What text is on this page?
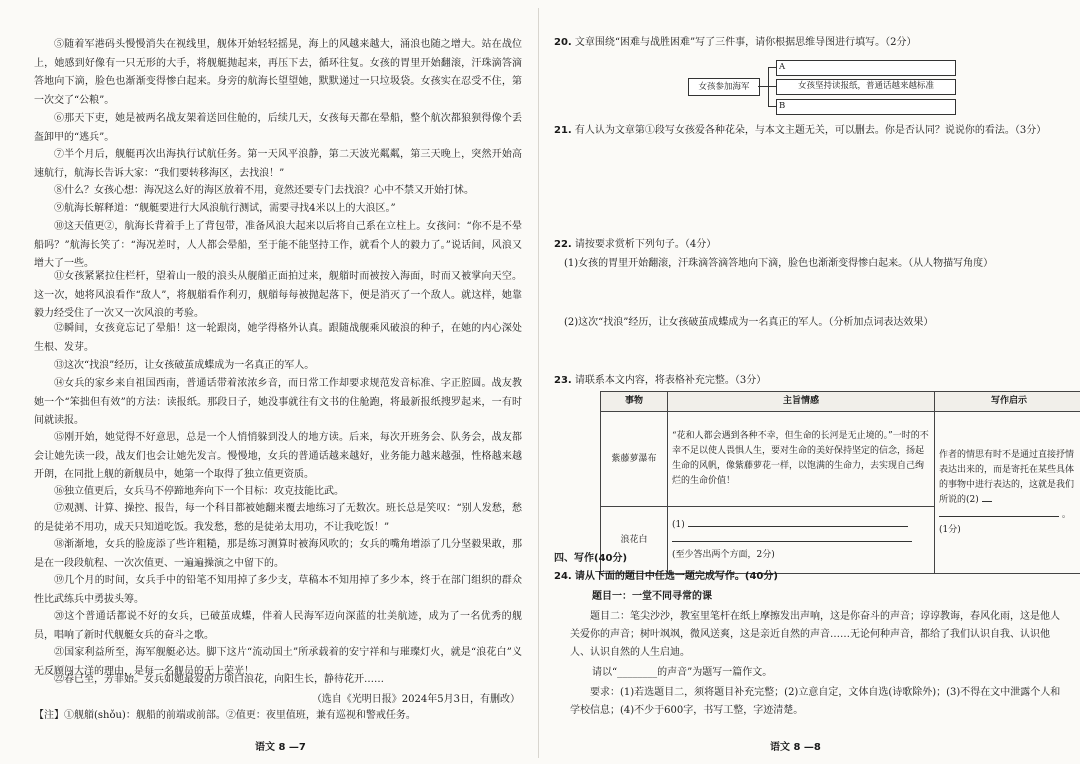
⑤随着军港码头慢慢消失在视线里，舰体开始轻轻摇晃，海上的风越来越大，涌浪也随之增大。站在战位上，她感到好像有一只无形的大手，将舰艇抛起来，再压下去，循环往复。女孩的胃里开始翻滚，汗珠滴答滴答地向下滴，脸色也渐渐变得惨白起来。身旁的航海长望望她，默默递过一只垃圾袋。女孩实在忍受不住，第一次交了“公粮”。

⑥那天下吏，她是被两名战友架着送回住舱的，后续几天，女孩每天都在晕船，整个航次都狼狈得像个丢盔卸甲的“逃兵”。

⑦半个月后，舰艇再次出海执行试航任务。第一天风平浪静，第二天波光粼粼，第三天晚上，突然开始高速航行，航海长告诉大家：“我们要转移海区，去找浪！”

⑧什么？女孩心想：海况这么好的海区放着不用，竟然还要专门去找浪？心中不禁又开始打怵。

⑨航海长解释道：“舰艇要进行大风浪航行测试，需要寻找4米以上的大浪区。”

⑩这天值更②，航海长背着手上了背包带，准备风浪大起来以后将自己系在立柱上。女孩问：“你不是不晕船吗？”航海长笑了：“海况差时，人人都会晕船，至于能不能坚持工作，就看个人的毅力了。”说话间，风浪又增大了一些。

⑪女孩紧紧拉住栏杆，望着山一般的浪头从舰艏正面拍过来，舰艏时而被按入海面，时而又被掌向天空。这一次，她将风浪看作“敌人”，将舰艏看作利刃，舰艏每每被抛起落下，便是消灭了一个敌人。就这样，她靠毅力经受住了一次又一次风浪的考验。

⑫瞬间，女孩竟忘记了晕船！这一轮跟岗，她学得格外认真。跟随战舰乘风破浪的种子，在她的内心深处生根、发芽。

⑬这次“找浪”经历，让女孩破茧成蝶成为一名真正的军人。

⑭女兵的家乡来自祖国西南，普通话带着浓浓乡音，而日常工作却要求规范发音标准、字正腔圆。战友教她一个“笨拙但有效”的方法：读报纸。那段日子，她没事就往有文书的住舱跑，将最新报纸搜罗起来，一有时间就读报。

⑮刚开始，她觉得不好意思，总是一个人悄悄躲到没人的地方读。后来，每次开班务会、队务会，战友都会让她先读一段，战友们也会让她先发言。慢慢地，女兵的普通话越来越好，业务能力越来越强，性格越来越开朗，在同批上舰的新舰员中，她第一个取得了独立值更资质。

⑯独立值更后，女兵马不停蹄地奔向下一个目标：攻克技能比武。

⑰观测、计算、操控、报告，每一个科目都被她翻来覆去地练习了无数次。班长总是笑叹：“别人发愁，愁的是徒弟不用功，成天只知道吃饭。我发愁，愁的是徒弟太用功，不让我吃饭！”

⑱渐渐地，女兵的脸庞添了些许粗糙，那是练习测算时被海风吹的；女兵的嘴角增添了几分坚毅果敢，那是在一段段航程、一次次值更、一遍遍操演之中留下的。

⑲几个月的时间，女兵手中的铅笔不知用掉了多少支，草稿本不知用掉了多少本，终于在部门组织的群众性比武练兵中勇拔头筹。

⑳这个普通话都说不好的女兵，已破茧成蝶，伴着人民海军迈向深蓝的壮美航迹，成为了一名优秀的舰员，唱响了新时代舰艇女兵的奋斗之歌。

㉑国家利益所至，海军舰艇必达。脚下这片“流动国土”所承载着的安宁祥和与璀璨灯火，就是“浪花白”义无反顾闯大洋的理由，是每一名舰员的无上荣光！

㉒春已至，芳菲始。女兵如她最爱的万顷白浪花，向阳生长，静待花开……

（选自《光明日报》2024年5月3日，有删改）

【注】①舰艏(shǒu)：舰船的前端或前部。②值更：夜里值班，兼有巡视和警戒任务。

语文 8 —7

20. 文章围绕“困难与战胜困难”写了三件事，请你根据思维导图进行填写。（2分）

女孩参加海军
A
女孩坚持读报纸，普通话越来越标准
B

21. 有人认为文章第①段写女孩爱各种花朵，与本文主题无关，可以删去。你是否认同？说说你的看法。（3分）

22. 请按要求赏析下列句子。（4分）

(1)女孩的胃里开始翻滚，汗珠滴答滴答地向下滴，脸色也渐渐变得惨白起来。（从人物描写角度）

(2)这次“找浪”经历，让女孩破茧成蝶成为一名真正的军人。（分析加点词表达效果）

23. 请联系本文内容，将表格补充完整。（3分）

事物	主旨情感	写作启示
紫藤萝瀑布	“花和人都会遇到各种不幸，但生命的长河是无止境的。”一时的不幸不足以使人畏惧人生，要对生命的美好保持坚定的信念，扬起生命的风帆，像紫藤萝花一样，以饱满的生命力，去实现自己绚烂的生命价值！	作者的情思有时不是通过直接抒情表达出来的，而是寄托在某些具体的事物中进行表达的，这就是我们所说的(2)
。(1分)
浪花白	(1)

(至少答出两个方面，2分)	

四、写作(40分)

24. 请从下面的题目中任选一题完成写作。(40分)

题目一：一堂不同寻常的课

题目二：笔尖沙沙，教室里笔杆在纸上摩擦发出声响，这是你奋斗的声音；谆谆教诲，春风化雨，这是他人关爱你的声音；树叶飒飒，微风送爽，这是亲近自然的声音……无论何种声音，都给了我们认识自我、认识他人、认识自然的人生启迪。

请以“________的声音”为题写一篇作文。

要求：(1)若选题目二，须将题目补充完整；(2)立意自定，文体自选(诗歌除外)；(3)不得在文中泄露个人和学校信息；(4)不少于600字，书写工整，字迹清楚。

语文 8 —8
